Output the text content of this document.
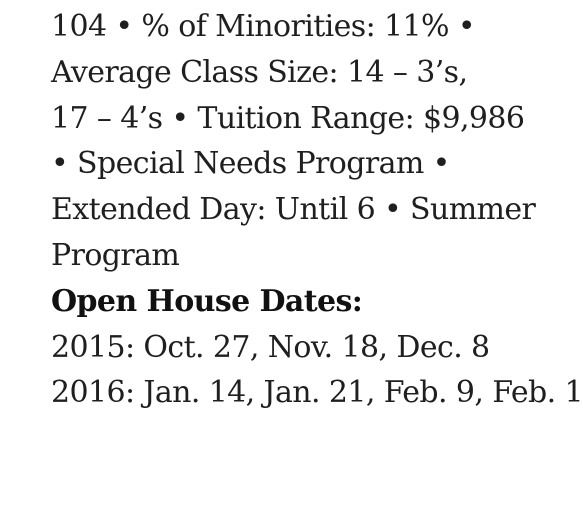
104 • % of Minorities: 11% •
Average Class Size: 14 – 3’s,
17 – 4’s • Tuition Range: $9,986
• Special Needs Program •
Extended Day: Until 6 • Summer
Program
Open House Dates:
2015: Oct. 27, Nov. 18, Dec. 8
2016: Jan. 14, Jan. 21, Feb. 9, Feb. 1
